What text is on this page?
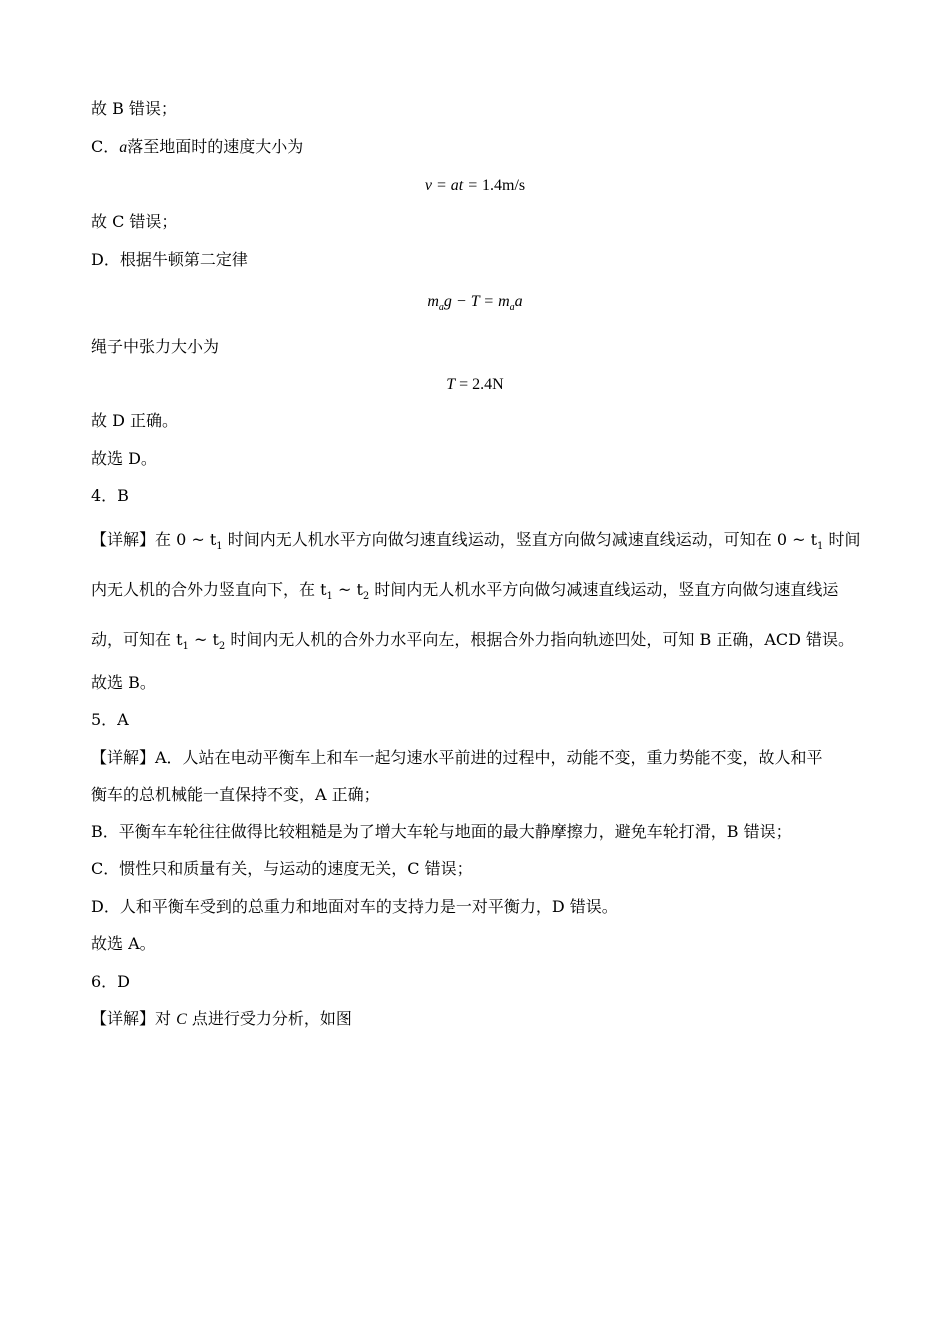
故 B 错误；
C．a落至地面时的速度大小为
v = at = 1.4m/s
故 C 错误；
D．根据牛顿第二定律
$m_ag - T = m_aa$
绳子中张力大小为
T = 2.4N
故 D 正确。
故选 D。
4．B
【详解】在 0 ~ $t_1$ 时间内无人机水平方向做匀速直线运动，竖直方向做匀减速直线运动，可知在 0 ~ $t_1$ 时间
内无人机的合外力竖直向下，在 $t_1$ ~ $t_2$ 时间内无人机水平方向做匀减速直线运动，竖直方向做匀速直线运
动，可知在 $t_1$ ~ $t_2$ 时间内无人机的合外力水平向左，根据合外力指向轨迹凹处，可知 B 正确，ACD 错误。
故选 B。
5．A
【详解】A．人站在电动平衡车上和车一起匀速水平前进的过程中，动能不变，重力势能不变，故人和平
衡车的总机械能一直保持不变，A 正确；
B．平衡车车轮往往做得比较粗糙是为了增大车轮与地面的最大静摩擦力，避免车轮打滑，B 错误；
C．惯性只和质量有关，与运动的速度无关，C 错误；
D．人和平衡车受到的总重力和地面对车的支持力是一对平衡力，D 错误。
故选 A。
6．D
【详解】对 C 点进行受力分析，如图
